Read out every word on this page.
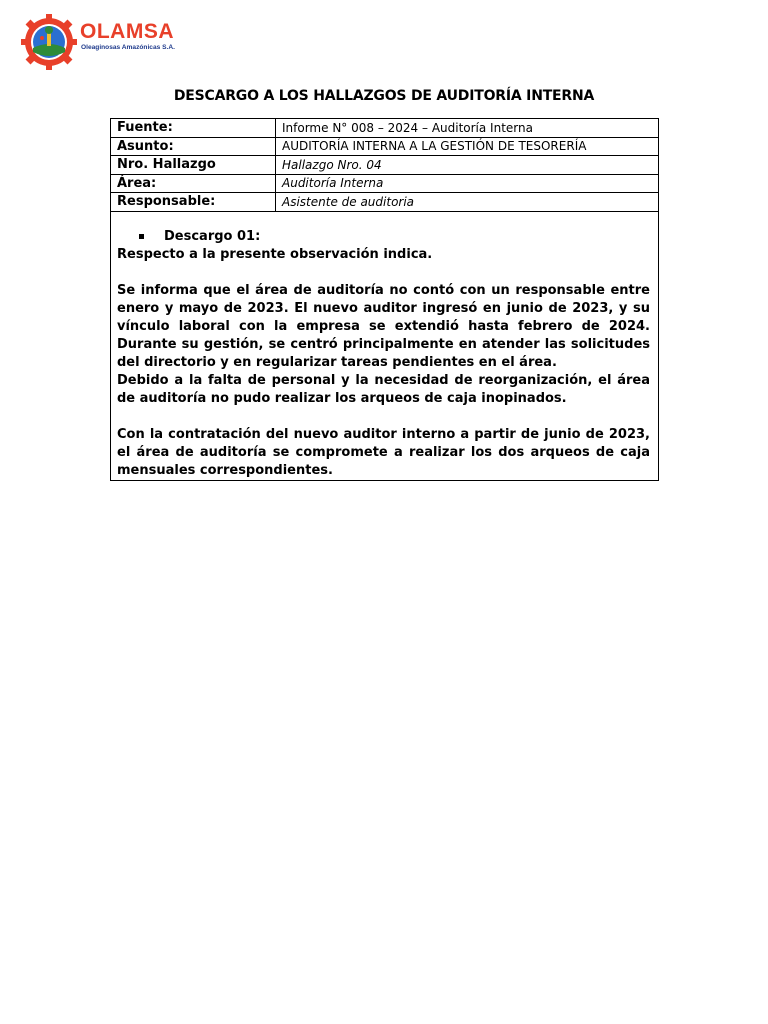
OLAMSA
Oleaginosas Amazónicas S.A.
DESCARGO A LOS HALLAZGOS DE AUDITORÍA INTERNA
Fuente:	Informe N° 008 – 2024 – Auditoría Interna
Asunto:	AUDITORÍA INTERNA A LA GESTIÓN DE TESORERÍA
Nro. Hallazgo	Hallazgo Nro. 04
Área:	Auditoría Interna
Responsable:	Asistente de auditoria

Descargo 01:

Respecto a la presente observación indica.

Se informa que el área de auditoría no contó con un responsable entre enero y mayo de 2023. El nuevo auditor ingresó en junio de 2023, y su vínculo laboral con la empresa se extendió hasta febrero de 2024. Durante su gestión, se centró principalmente en atender las solicitudes del directorio y en regularizar tareas pendientes en el área.

Debido a la falta de personal y la necesidad de reorganización, el área de auditoría no pudo realizar los arqueos de caja inopinados.

Con la contratación del nuevo auditor interno a partir de junio de 2023, el área de auditoría se compromete a realizar los dos arqueos de caja mensuales correspondientes.	
